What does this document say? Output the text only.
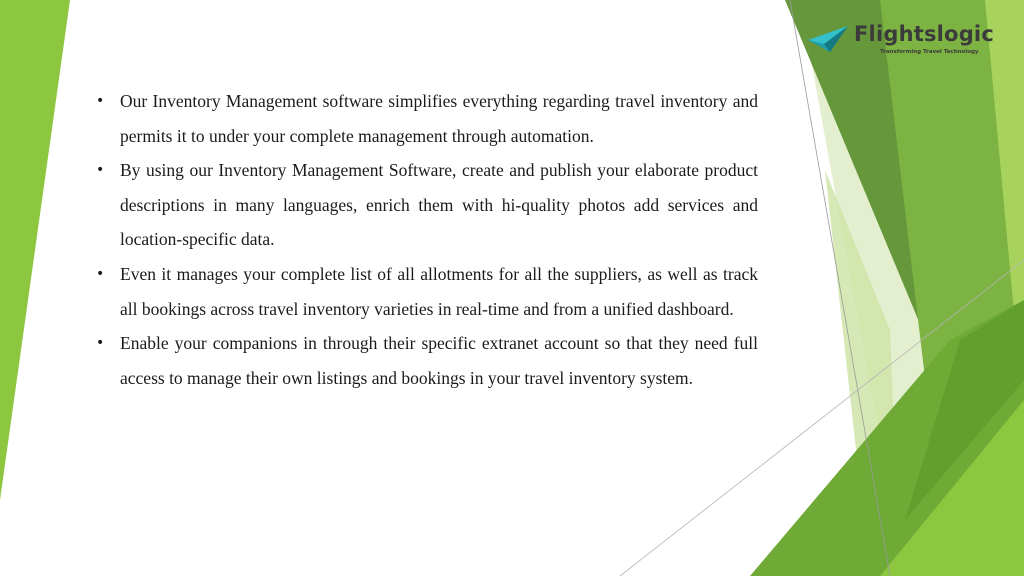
Flightslogic
Transforming Travel Technology
• Our Inventory Management software simplifies everything regarding travel inventory and permits it to under your complete management through automation.
• By using our Inventory Management Software, create and publish your elaborate product descriptions in many languages, enrich them with hi-quality photos add services and location-specific data.
• Even it manages your complete list of all allotments for all the suppliers, as well as track all bookings across travel inventory varieties in real-time and from a unified dashboard.
• Enable your companions in through their specific extranet account so that they need full access to manage their own listings and bookings in your travel inventory system.
